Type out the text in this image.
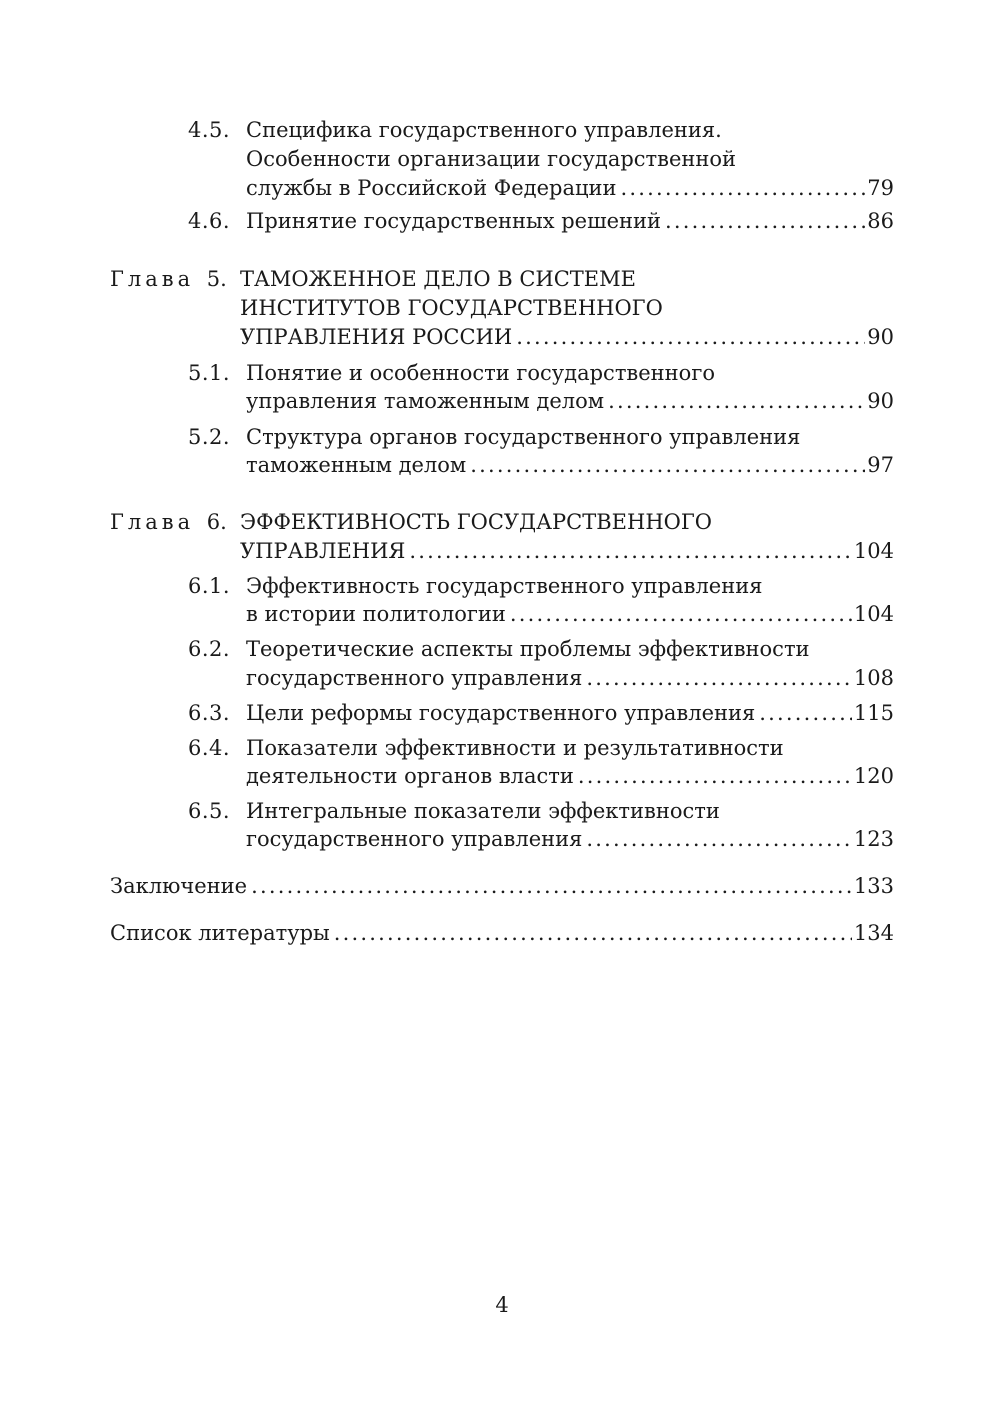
4.5. Специфика государственного управления.
Особенности организации государственной
службы в Российской Федерации .....	79
4.6. Принятие государственных решений .....	86
Глава 5. ТАМОЖЕННОЕ ДЕЛО В СИСТЕМЕ
ИНСТИТУТОВ ГОСУДАРСТВЕННОГО
УПРАВЛЕНИЯ РОССИИ .....	90
5.1. Понятие и особенности государственного
управления таможенным делом .....	90
5.2. Структура органов государственного управления
таможенным делом .....	97
Глава 6. ЭФФЕКТИВНОСТЬ ГОСУДАРСТВЕННОГО
УПРАВЛЕНИЯ .....	104
6.1. Эффективность государственного управления
в истории политологии .....	104
6.2. Теоретические аспекты проблемы эффективности
государственного управления .....	108
6.3. Цели реформы государственного управления .....	115
6.4. Показатели эффективности и результативности
деятельности органов власти .....	120
6.5. Интегральные показатели эффективности
государственного управления .....	123
Заключение .....	133
Список литературы .....	134
4
